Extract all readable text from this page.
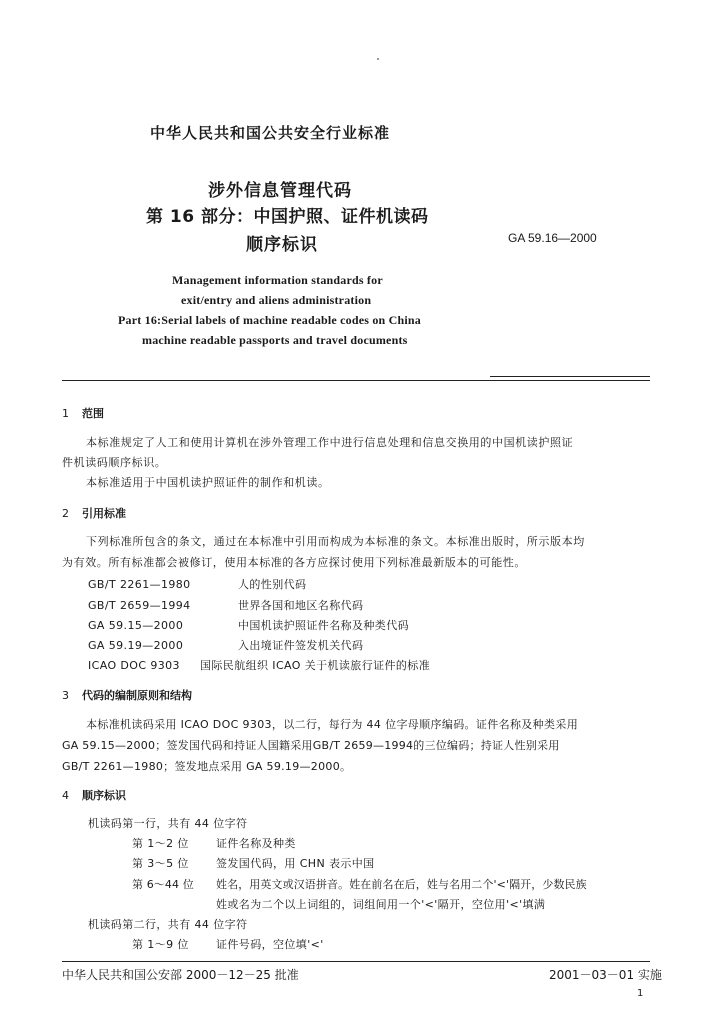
中华人民共和国公共安全行业标准
涉外信息管理代码
第 16 部分：中国护照、证件机读码
顺序标识	GA 59.16—2000
Management information standards for
exit/entry and aliens administration
Part 16:Serial labels of machine readable codes on China
machine readable passports and travel documents
1 范围
本标准规定了人工和使用计算机在涉外管理工作中进行信息处理和信息交换用的中国机读护照证
件机读码顺序标识。
本标准适用于中国机读护照证件的制作和机读。
2 引用标准
下列标准所包含的条文，通过在本标准中引用而构成为本标准的条文。本标准出版时，所示版本均
为有效。所有标准都会被修订，使用本标准的各方应探讨使用下列标准最新版本的可能性。
GB/T 2261—1980	人的性别代码
GB/T 2659—1994	世界各国和地区名称代码
GA 59.15—2000	中国机读护照证件名称及种类代码
GA 59.19—2000	入出境证件签发机关代码
ICAO DOC 9303 国际民航组织 ICAO 关于机读旅行证件的标准
3 代码的编制原则和结构
本标准机读码采用 ICAO DOC 9303，以二行，每行为 44 位字母顺序编码。证件名称及种类采用
GA 59.15—2000；签发国代码和持证人国籍采用GB/T 2659—1994的三位编码；持证人性别采用
GB/T 2261—1980；签发地点采用 GA 59.19—2000。
4 顺序标识
机读码第一行，共有 44 位字符
第 1～2 位 证件名称及种类
第 3～5 位 签发国代码，用 CHN 表示中国
第 6～44 位 姓名，用英文或汉语拼音。姓在前名在后，姓与名用二个'<'隔开，少数民族
姓或名为二个以上词组的，词组间用一个'<'隔开，空位用'<'填满
机读码第二行，共有 44 位字符
第 1～9 位 证件号码，空位填'<'
中华人民共和国公安部 2000－12－25 批准	2001－03－01 实施
1
